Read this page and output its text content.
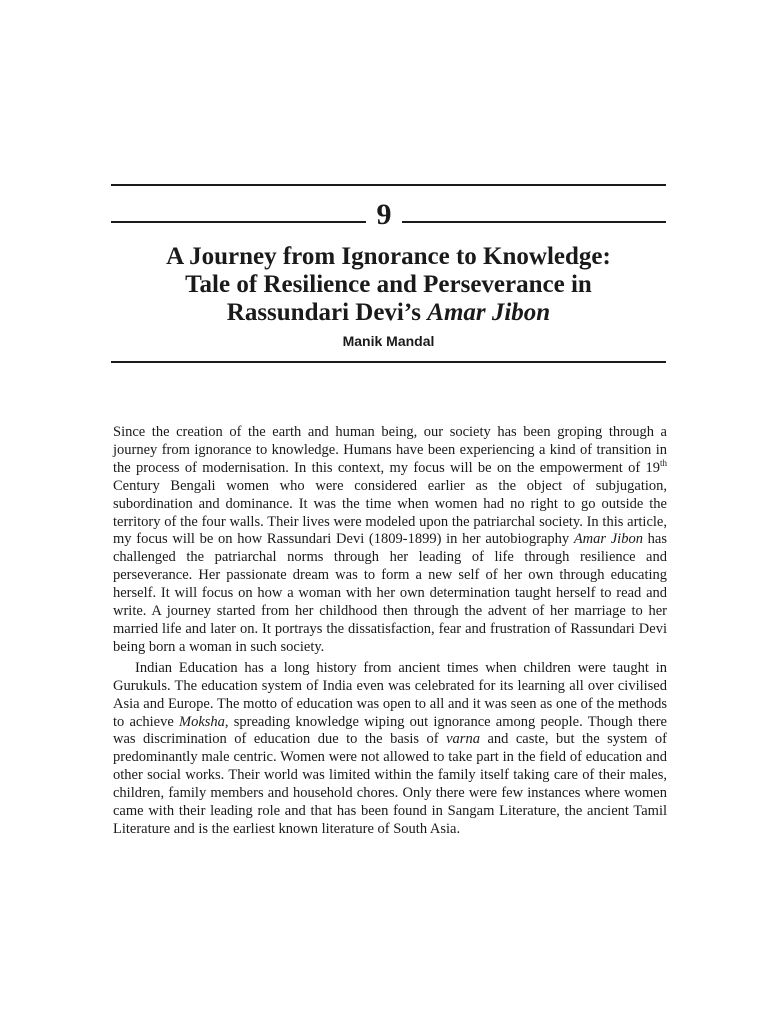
9
A Journey from Ignorance to Knowledge:
Tale of Resilience and Perseverance in
Rassundari Devi’s Amar Jibon
Manik Mandal

Since the creation of the earth and human being, our society has been groping through a journey from ignorance to knowledge. Humans have been experiencing a kind of transition in the process of modernisation. In this context, my focus will be on the empowerment of 19th Century Bengali women who were considered earlier as the object of subjugation, subordination and dominance. It was the time when women had no right to go outside the territory of the four walls. Their lives were modeled upon the patriarchal society. In this article, my focus will be on how Rassundari Devi (1809-1899) in her autobiography Amar Jibon has challenged the patriarchal norms through her leading of life through resilience and perseverance. Her passionate dream was to form a new self of her own through educating herself. It will focus on how a woman with her own determination taught herself to read and write. A journey started from her childhood then through the advent of her marriage to her married life and later on. It portrays the dissatisfaction, fear and frustration of Rassundari Devi being born a woman in such society.

Indian Education has a long history from ancient times when children were taught in Gurukuls. The education system of India even was celebrated for its learning all over civilised Asia and Europe. The motto of education was open to all and it was seen as one of the methods to achieve Moksha, spreading knowledge wiping out ignorance among people. Though there was discrimination of education due to the basis of varna and caste, but the system of predominantly male centric. Women were not allowed to take part in the field of education and other social works. Their world was limited within the family itself taking care of their males, children, family members and household chores. Only there were few instances where women came with their leading role and that has been found in Sangam Literature, the ancient Tamil Literature and is the earliest known literature of South Asia.
